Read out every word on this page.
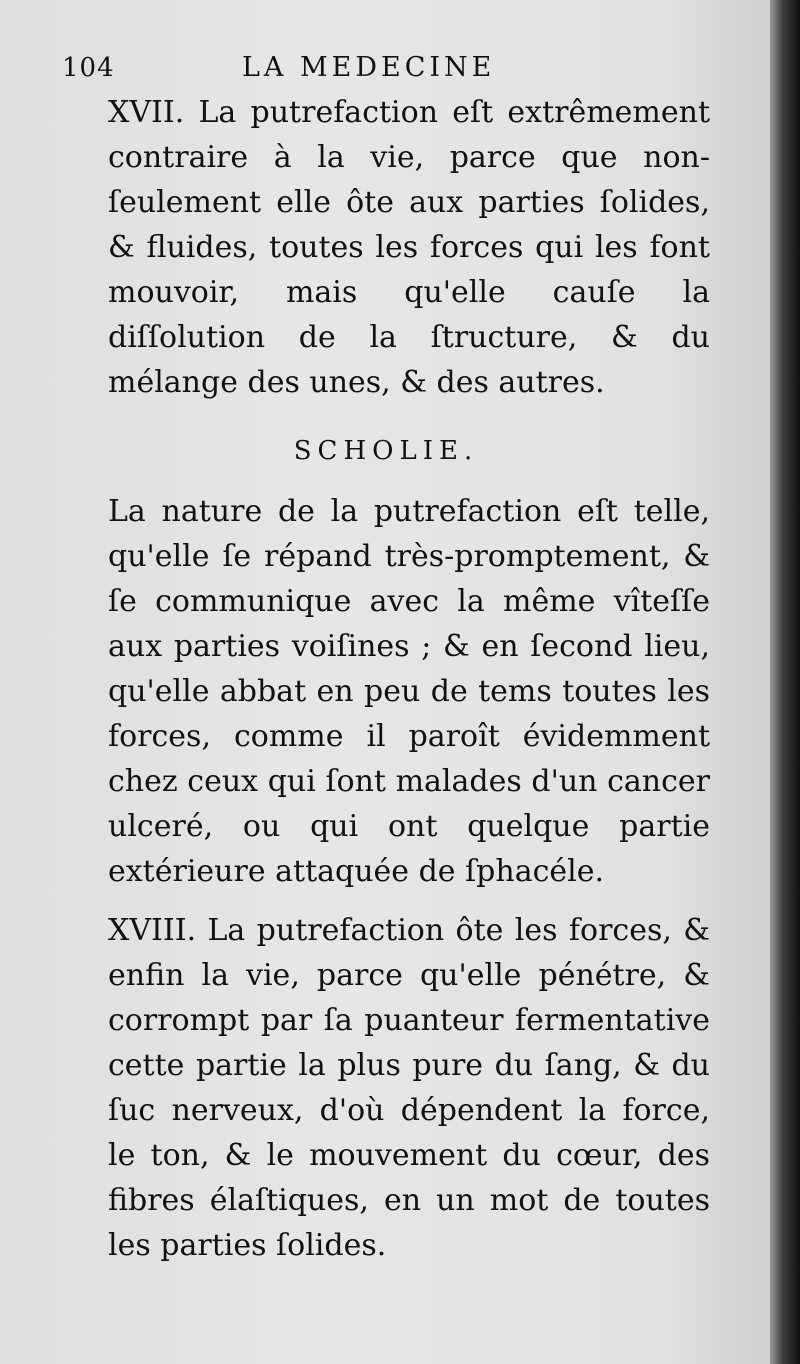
104	LA MEDECINE

XVII. La putrefaction eſt extrêmement contraire à la vie, parce que non-ſeulement elle ôte aux parties ſolides, & fluides, toutes les forces qui les font mouvoir, mais qu'elle cauſe la diſſolution de la ſtructure, & du mélange des unes, & des autres.

SCHOLIE.

La nature de la putrefaction eſt telle, qu'elle ſe répand très-promptement, & ſe communique avec la même vîteſſe aux parties voiſines ; & en ſecond lieu, qu'elle abbat en peu de tems toutes les forces, comme il paroît évidemment chez ceux qui ſont malades d'un cancer ulceré, ou qui ont quelque partie extérieure attaquée de ſphacéle.

XVIII. La putrefaction ôte les forces, & enfin la vie, parce qu'elle pénétre, & corrompt par ſa puanteur fermentative cette partie la plus pure du ſang, & du ſuc nerveux, d'où dépendent la force, le ton, & le mouvement du cœur, des fibres élaſtiques, en un mot de toutes les parties ſolides.
